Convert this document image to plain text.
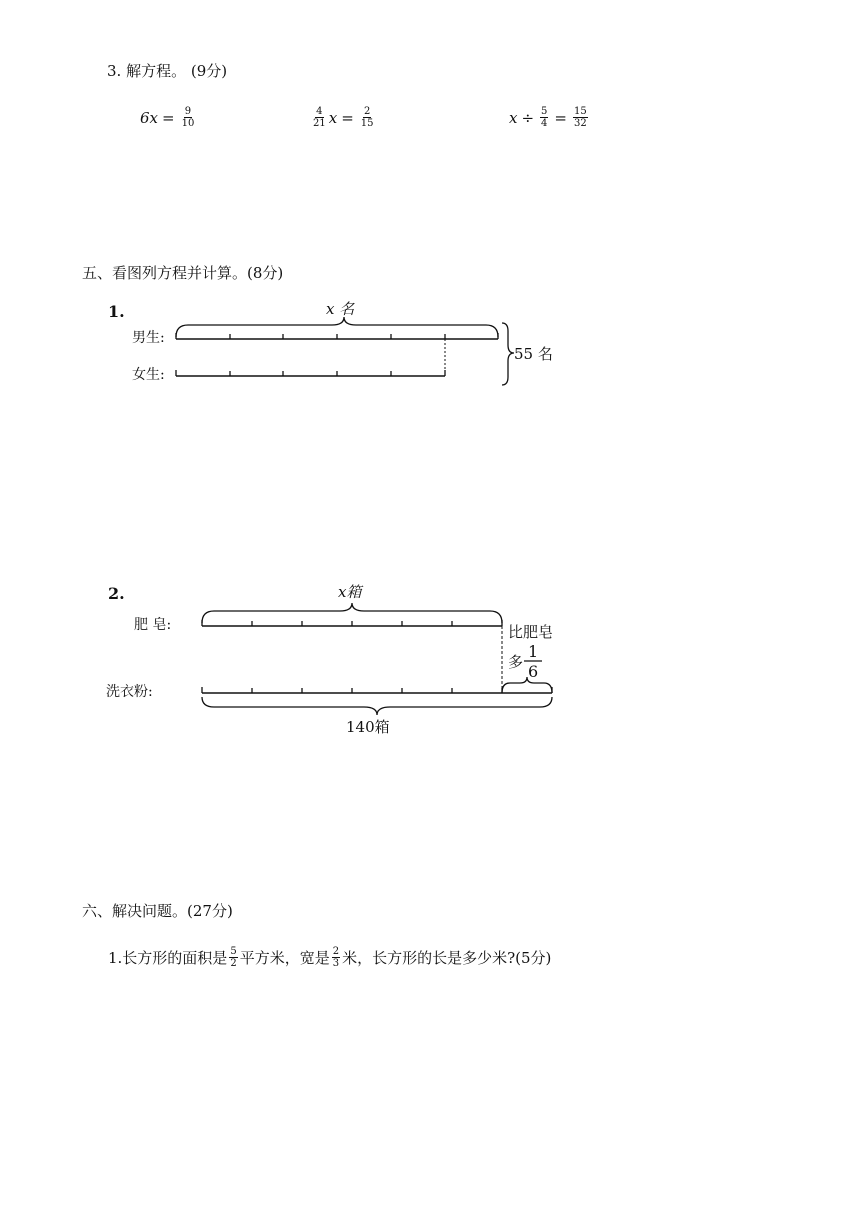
3. 解方程。 (9分)
$6x = \frac{9}{10}$	$\frac{4}{21}$ $x = \frac{2}{15}$	$x \div \frac{5}{4} = \frac{15}{32}$
五、看图列方程并计算。(8分)
1.	x 名
男生:
女生:
55 名
2.	x箱
肥 皂:	比肥皂
多
1
6
洗衣粉:
140箱
六、解决问题。(27分)
1.长方形的面积是 $\frac{5}{2}$ 平方米，宽是 $\frac{2}{3}$ 米，长方形的长是多少米?(5分)
